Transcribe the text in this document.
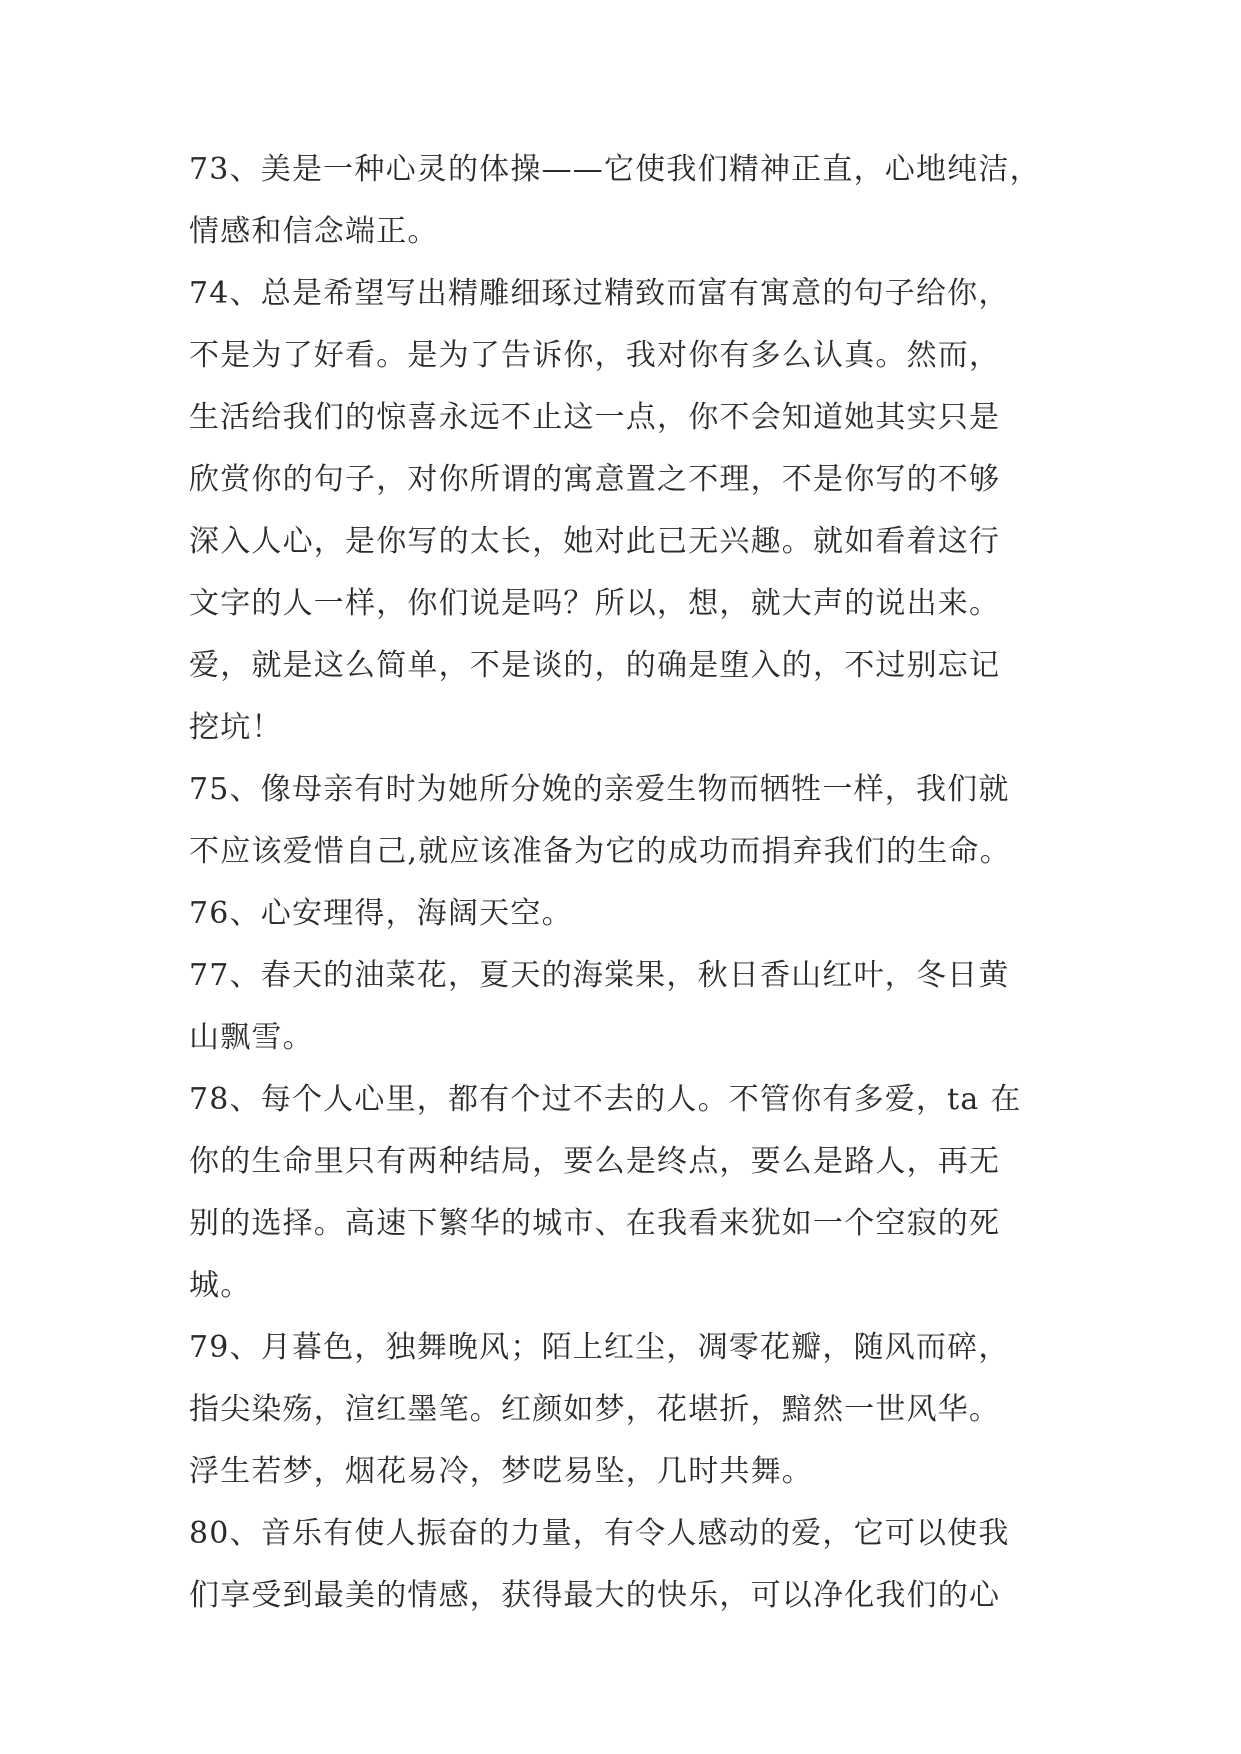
73、美是一种心灵的体操——它使我们精神正直，心地纯洁，
情感和信念端正。
74、总是希望写出精雕细琢过精致而富有寓意的句子给你，
不是为了好看。是为了告诉你，我对你有多么认真。然而，
生活给我们的惊喜永远不止这一点，你不会知道她其实只是
欣赏你的句子，对你所谓的寓意置之不理，不是你写的不够
深入人心，是你写的太长，她对此已无兴趣。就如看着这行
文字的人一样，你们说是吗？所以，想，就大声的说出来。
爱，就是这么简单，不是谈的，的确是堕入的，不过别忘记
挖坑！
75、像母亲有时为她所分娩的亲爱生物而牺牲一样，我们就
不应该爱惜自己,就应该准备为它的成功而捐弃我们的生命。
76、心安理得，海阔天空。
77、春天的油菜花，夏天的海棠果，秋日香山红叶，冬日黄
山飘雪。
78、每个人心里，都有个过不去的人。不管你有多爱，ta 在
你的生命里只有两种结局，要么是终点，要么是路人，再无
别的选择。高速下繁华的城市、在我看来犹如一个空寂的死
城。
79、月暮色，独舞晚风；陌上红尘，凋零花瓣，随风而碎，
指尖染殇，渲红墨笔。红颜如梦，花堪折，黯然一世风华。
浮生若梦，烟花易冷，梦呓易坠，几时共舞。
80、音乐有使人振奋的力量，有令人感动的爱，它可以使我
们享受到最美的情感，获得最大的快乐，可以净化我们的心
